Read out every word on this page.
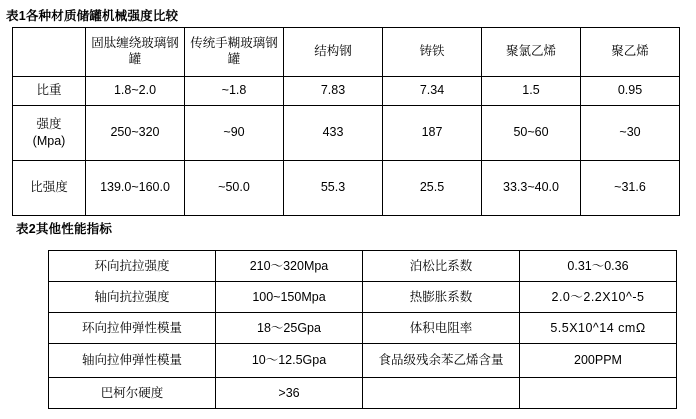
表1各种材质储罐机械强度比较
	固肽缠绕玻璃钢罐	传统手糊玻璃钢罐	结构钢	铸铁	聚氯乙烯	聚乙烯
比重	1.8~2.0	~1.8	7.83	7.34	1.5	0.95

强度
(Mpa)	250~320	~90	433	187	50~60	~30
比强度	139.0~160.0	~50.0	55.3	25.5	33.3~40.0	~31.6
表2其他性能指标
环向抗拉强度	210～320Mpa	泊松比系数	0.31～0.36
轴向抗拉强度	100~150Mpa	热膨胀系数	2.0～2.2X10^-5
环向拉伸弹性模量	18～25Gpa	体积电阻率	5.5X10^14 cmΩ
轴向拉伸弹性模量	10～12.5Gpa	食品级残余苯乙烯含量	200PPM
巴柯尔硬度	>36		
